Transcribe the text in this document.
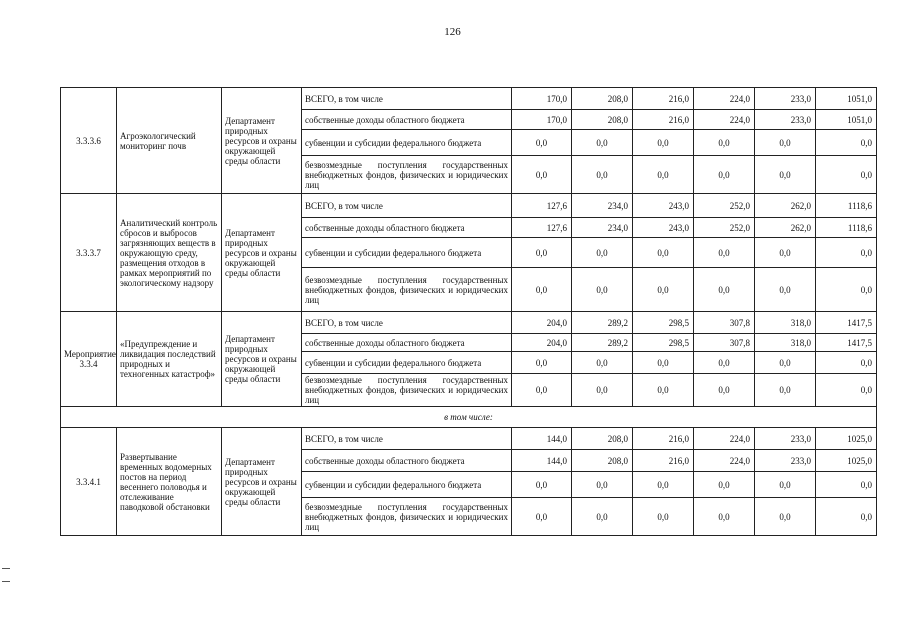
126
3.3.3.6	Агроэкологический мониторинг почв	Департамент природных ресурсов и охраны окружающей среды области	ВСЕГО, в том числе	170,0	208,0	216,0	224,0	233,0	1051,0
			собственные доходы областного бюджета	170,0	208,0	216,0	224,0	233,0	1051,0
			субвенции и субсидии федерального бюджета	0,0	0,0	0,0	0,0	0,0	0,0
			безвозмездные поступления государственных внебюджетных фондов, физических и юридических лиц	0,0	0,0	0,0	0,0	0,0	0,0
3.3.3.7	Аналитический контроль сбросов и выбросов загрязняющих веществ в окружающую среду, размещения отходов в рамках мероприятий по экологическому надзору	Департамент природных ресурсов и охраны окружающей среды области	ВСЕГО, в том числе	127,6	234,0	243,0	252,0	262,0	1118,6
			собственные доходы областного бюджета	127,6	234,0	243,0	252,0	262,0	1118,6
			субвенции и субсидии федерального бюджета	0,0	0,0	0,0	0,0	0,0	0,0
			безвозмездные поступления государственных внебюджетных фондов, физических и юридических лиц	0,0	0,0	0,0	0,0	0,0	0,0
Мероприятие 3.3.4	«Предупреждение и ликвидация последствий природных и техногенных катастроф»	Департамент природных ресурсов и охраны окружающей среды области	ВСЕГО, в том числе	204,0	289,2	298,5	307,8	318,0	1417,5
			собственные доходы областного бюджета	204,0	289,2	298,5	307,8	318,0	1417,5
			субвенции и субсидии федерального бюджета	0,0	0,0	0,0	0,0	0,0	0,0
			безвозмездные поступления государственных внебюджетных фондов, физических и юридических лиц	0,0	0,0	0,0	0,0	0,0	0,0
в том числе:									
3.3.4.1	Развертывание временных водомерных постов на период весеннего половодья и отслеживание паводковой обстановки	Департамент природных ресурсов и охраны окружающей среды области	ВСЕГО, в том числе	144,0	208,0	216,0	224,0	233,0	1025,0
			собственные доходы областного бюджета	144,0	208,0	216,0	224,0	233,0	1025,0
			субвенции и субсидии федерального бюджета	0,0	0,0	0,0	0,0	0,0	0,0
			безвозмездные поступления государственных внебюджетных фондов, физических и юридических лиц	0,0	0,0	0,0	0,0	0,0	0,0
